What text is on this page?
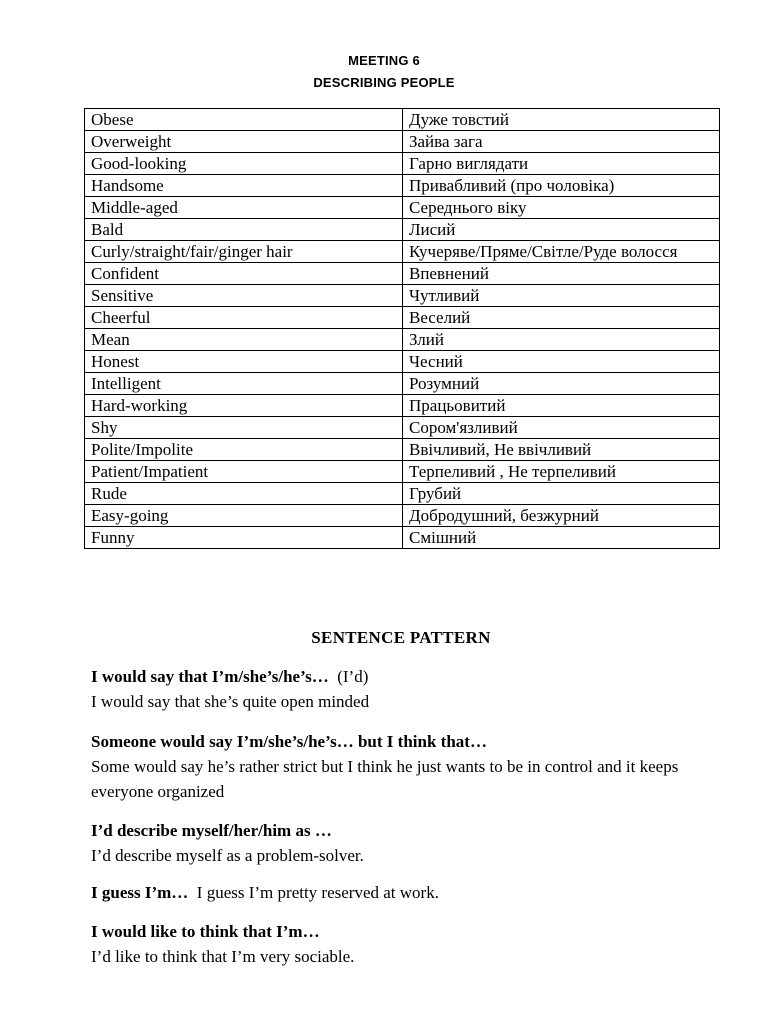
MEETING 6
DESCRIBING PEOPLE
Obese	Дуже товстий
Overweight	Зайва зага
Good-looking	Гарно виглядати
Handsome	Привабливий (про чоловіка)
Middle-aged	Середнього віку
Bald	Лисий
Curly/straight/fair/ginger hair	Кучеряве/Пряме/Світле/Руде волосся
Confident	Впевнений
Sensitive	Чутливий
Cheerful	Веселий
Mean	Злий
Honest	Чесний
Intelligent	Розумний
Hard-working	Працьовитий
Shy	Сором'язливий
Polite/Impolite	Ввічливий, Не ввічливий
Patient/Impatient	Терпеливий , Не терпеливий
Rude	Грубий
Easy-going	Добродушний, безжурний
Funny	Смішний
SENTENCE PATTERN
I would say that I’m/she’s/he’s… (I’d)
I would say that she’s quite open minded
Someone would say I’m/she’s/he’s… but I think that…
Some would say he’s rather strict but I think he just wants to be in control and it keeps everyone organized
I’d describe myself/her/him as …
I’d describe myself as a problem-solver.
I guess I’m… I guess I’m pretty reserved at work.
I would like to think that I’m…
I’d like to think that I’m very sociable.
